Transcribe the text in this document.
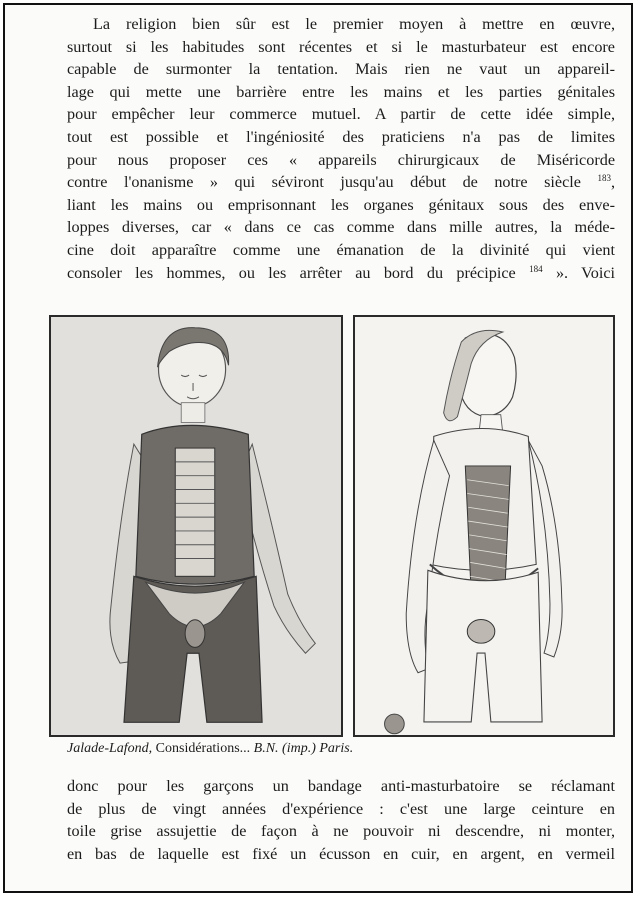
La religion bien sûr est le premier moyen à mettre en œuvre,
surtout si les habitudes sont récentes et si le masturbateur est encore
capable de surmonter la tentation. Mais rien ne vaut un appareil-
lage qui mette une barrière entre les mains et les parties génitales
pour empêcher leur commerce mutuel. A partir de cette idée simple,
tout est possible et l'ingéniosité des praticiens n'a pas de limites
pour nous proposer ces « appareils chirurgicaux de Miséricorde
contre l'onanisme » qui séviront jusqu'au début de notre siècle $^{183}$,
liant les mains ou emprisonnant les organes génitaux sous des enve-
loppes diverses, car « dans ce cas comme dans mille autres, la méde-
cine doit apparaître comme une émanation de la divinité qui vient
consoler les hommes, ou les arrêter au bord du précipice $^{184}$ ». Voici
Jalade-Lafond, Considérations... B.N. (imp.) Paris.
donc pour les garçons un bandage anti-masturbatoire se réclamant
de plus de vingt années d'expérience : c'est une large ceinture en
toile grise assujettie de façon à ne pouvoir ni descendre, ni monter,
en bas de laquelle est fixé un écusson en cuir, en argent, en vermeil
